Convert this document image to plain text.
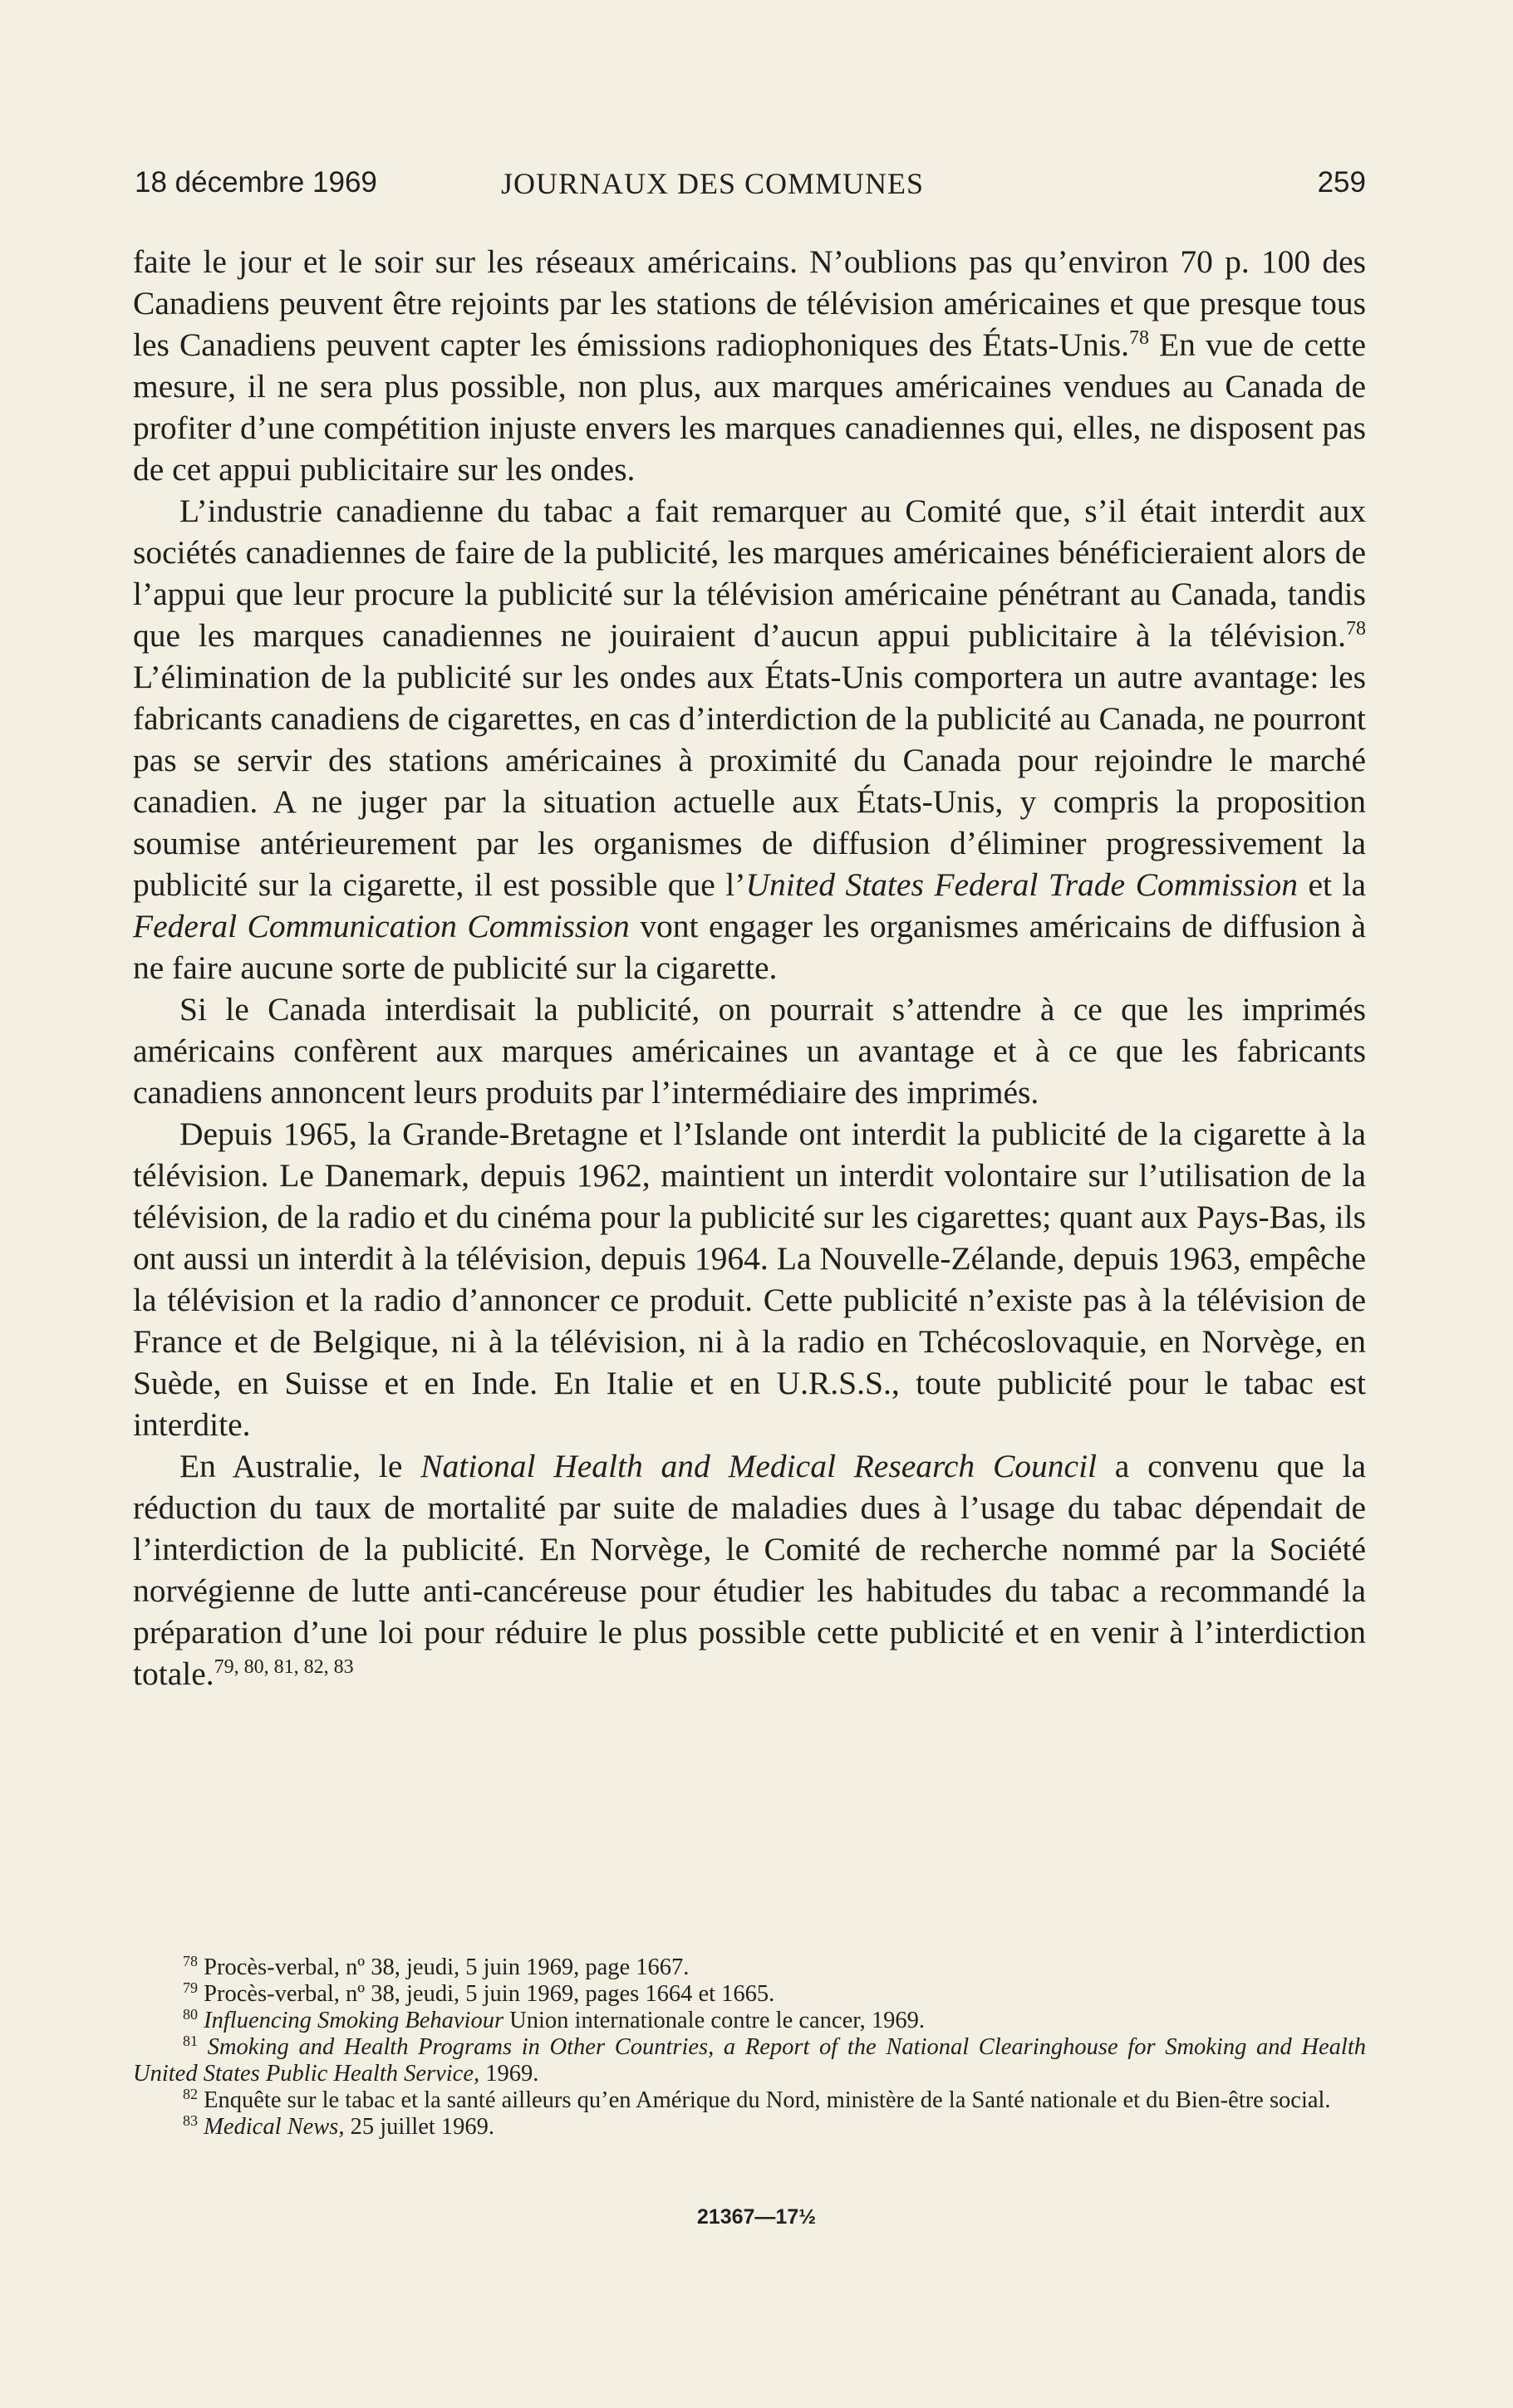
18 décembre 1969	JOURNAUX DES COMMUNES	259

faite le jour et le soir sur les réseaux américains. N’oublions pas qu’environ 70 p. 100 des Canadiens peuvent être rejoints par les stations de télévision américaines et que presque tous les Canadiens peuvent capter les émissions radiophoniques des États-Unis.$^{78}$ En vue de cette mesure, il ne sera plus possible, non plus, aux marques américaines vendues au Canada de profiter d’une compétition injuste envers les marques canadiennes qui, elles, ne disposent pas de cet appui publicitaire sur les ondes.

L’industrie canadienne du tabac a fait remarquer au Comité que, s’il était interdit aux sociétés canadiennes de faire de la publicité, les marques américaines bénéficieraient alors de l’appui que leur procure la publicité sur la télévision américaine pénétrant au Canada, tandis que les marques canadiennes ne jouiraient d’aucun appui publicitaire à la télévision.$^{78}$ L’élimination de la publicité sur les ondes aux États-Unis comportera un autre avantage: les fabricants canadiens de cigarettes, en cas d’interdiction de la publicité au Canada, ne pourront pas se servir des stations américaines à proximité du Canada pour rejoindre le marché canadien. A ne juger par la situation actuelle aux États-Unis, y compris la proposition soumise antérieurement par les organismes de diffusion d’éliminer progressivement la publicité sur la cigarette, il est possible que l’United States Federal Trade Commission et la Federal Communication Commission vont engager les organismes américains de diffusion à ne faire aucune sorte de publicité sur la cigarette.

Si le Canada interdisait la publicité, on pourrait s’attendre à ce que les imprimés américains confèrent aux marques américaines un avantage et à ce que les fabricants canadiens annoncent leurs produits par l’intermédiaire des imprimés.

Depuis 1965, la Grande-Bretagne et l’Islande ont interdit la publicité de la cigarette à la télévision. Le Danemark, depuis 1962, maintient un interdit volontaire sur l’utilisation de la télévision, de la radio et du cinéma pour la publicité sur les cigarettes; quant aux Pays-Bas, ils ont aussi un interdit à la télévision, depuis 1964. La Nouvelle-Zélande, depuis 1963, empêche la télévision et la radio d’annoncer ce produit. Cette publicité n’existe pas à la télévision de France et de Belgique, ni à la télévision, ni à la radio en Tchécoslovaquie, en Norvège, en Suède, en Suisse et en Inde. En Italie et en U.R.S.S., toute publicité pour le tabac est interdite.

En Australie, le National Health and Medical Research Council a convenu que la réduction du taux de mortalité par suite de maladies dues à l’usage du tabac dépendait de l’interdiction de la publicité. En Norvège, le Comité de recherche nommé par la Société norvégienne de lutte anti-cancéreuse pour étudier les habitudes du tabac a recommandé la préparation d’une loi pour réduire le plus possible cette publicité et en venir à l’interdiction totale.$^{79, 80, 81, 82, 83}$

$^{78}$ Procès-verbal, nº 38, jeudi, 5 juin 1969, page 1667.

$^{79}$ Procès-verbal, nº 38, jeudi, 5 juin 1969, pages 1664 et 1665.

$^{80}$ Influencing Smoking Behaviour Union internationale contre le cancer, 1969.

$^{81}$ Smoking and Health Programs in Other Countries, a Report of the National Clearinghouse for Smoking and Health United States Public Health Service, 1969.

$^{82}$ Enquête sur le tabac et la santé ailleurs qu’en Amérique du Nord, ministère de la Santé nationale et du Bien-être social.

$^{83}$ Medical News, 25 juillet 1969.

21367—17½
